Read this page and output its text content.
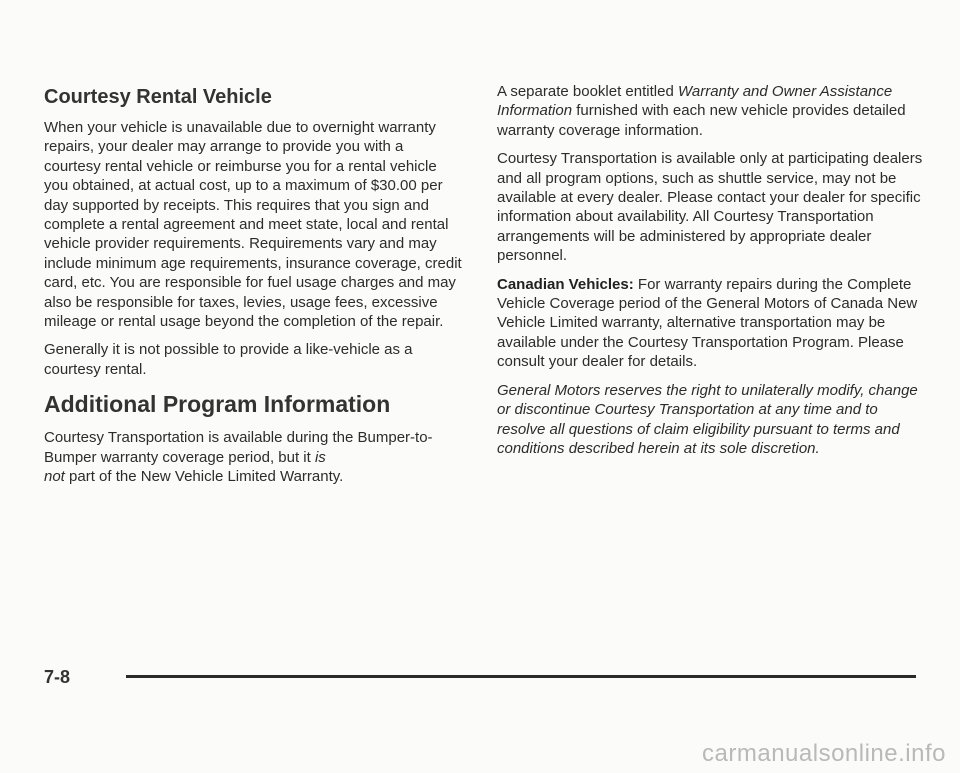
Courtesy Rental Vehicle

When your vehicle is unavailable due to overnight warranty repairs, your dealer may arrange to provide you with a courtesy rental vehicle or reimburse you for a rental vehicle you obtained, at actual cost, up to a maximum of $30.00 per day supported by receipts. This requires that you sign and complete a rental agreement and meet state, local and rental vehicle provider requirements. Requirements vary and may include minimum age requirements, insurance coverage, credit card, etc. You are responsible for fuel usage charges and may also be responsible for taxes, levies, usage fees, excessive mileage or rental usage beyond the completion of the repair.

Generally it is not possible to provide a like-vehicle as a courtesy rental.

Additional Program Information

Courtesy Transportation is available during the Bumper-to-Bumper warranty coverage period, but it is
not part of the New Vehicle Limited Warranty.

A separate booklet entitled Warranty and Owner Assistance Information furnished with each new vehicle provides detailed warranty coverage information.

Courtesy Transportation is available only at participating dealers and all program options, such as shuttle service, may not be available at every dealer. Please contact your dealer for specific information about availability. All Courtesy Transportation arrangements will be administered by appropriate dealer personnel.

Canadian Vehicles: For warranty repairs during the Complete Vehicle Coverage period of the General Motors of Canada New Vehicle Limited warranty, alternative transportation may be available under the Courtesy Transportation Program. Please consult your dealer for details.

General Motors reserves the right to unilaterally modify, change or discontinue Courtesy Transportation at any time and to resolve all questions of claim eligibility pursuant to terms and conditions described herein at its sole discretion.

7-8
carmanualsonline.info
